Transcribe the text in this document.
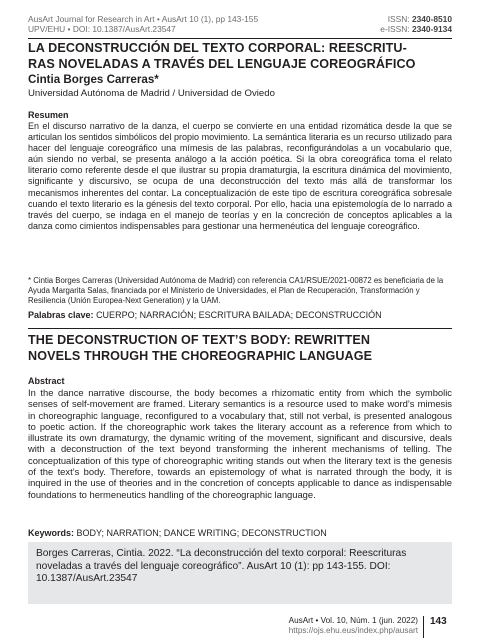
AusArt Journal for Research in Art • AusArt 10 (1), pp 143-155
UPV/EHU • DOI: 10.1387/AusArt.23547
ISSN: 2340-8510
e-ISSN: 2340-9134
LA DECONSTRUCCIÓN DEL TEXTO CORPORAL: REESCRITU-
RAS NOVELADAS A TRAVÉS DEL LENGUAJE COREOGRÁFICO
Cintia Borges Carreras*
Universidad Autónoma de Madrid / Universidad de Oviedo
Resumen
En el discurso narrativo de la danza, el cuerpo se convierte en una entidad rizomática desde la que se articulan los sentidos simbólicos del propio movimiento. La semántica literaria es un recurso utilizado para hacer del lenguaje coreográfico una mímesis de las palabras, reconfigurándolas a un vocabulario que, aún siendo no verbal, se presenta análogo a la acción poética. Si la obra coreográfica toma el relato literario como referente desde el que ilustrar su propia dramaturgia, la escritura dinámica del movimiento, significante y discursivo, se ocupa de una deconstrucción del texto más allá de transformar los mecanismos inherentes del contar. La conceptualización de este tipo de escritura coreográfica sobresale cuando el texto literario es la génesis del texto corporal. Por ello, hacia una epistemología de lo narrado a través del cuerpo, se indaga en el manejo de teorías y en la concreción de conceptos aplicables a la danza como cimientos indispensables para gestionar una hermenéutica del lenguaje coreográfico.
* Cintia Borges Carreras (Universidad Autónoma de Madrid) con referencia CA1/RSUE/2021-00872 es beneficiaria de la Ayuda Margarita Salas, financiada por el Ministerio de Universidades, el Plan de Recuperación, Transformación y Resiliencia (Unión Europea-Next Generation) y la UAM.
Palabras clave: CUERPO; NARRACIÓN; ESCRITURA BAILADA; DECONSTRUCCIÓN
THE DECONSTRUCTION OF TEXT’S BODY: REWRITTEN
NOVELS THROUGH THE CHOREOGRAPHIC LANGUAGE
Abstract
In the dance narrative discourse, the body becomes a rhizomatic entity from which the symbolic senses of self-movement are framed. Literary semantics is a resource used to make word’s mimesis in choreographic language, reconfigured to a vocabulary that, still not verbal, is presented analogous to poetic action. If the choreographic work takes the literary account as a reference from which to illustrate its own dramaturgy, the dynamic writing of the movement, significant and discursive, deals with a deconstruction of the text beyond transforming the inherent mechanisms of telling. The conceptualization of this type of choreographic writing stands out when the literary text is the genesis of the text’s body. Therefore, towards an epistemology of what is narrated through the body, it is inquired in the use of theories and in the concretion of concepts applicable to dance as indispensable foundations to hermeneutics handling of the choreographic language.
Keywords: BODY; NARRATION; DANCE WRITING; DECONSTRUCTION
Borges Carreras, Cintia. 2022. “La deconstrucción del texto corporal: Reescrituras noveladas a través del lenguaje coreográfico”. AusArt 10 (1): pp 143-155. DOI: 10.1387/AusArt.23547
AusArt • Vol. 10, Núm. 1 (jun. 2022)
https://ojs.ehu.eus/index.php/ausart
143
